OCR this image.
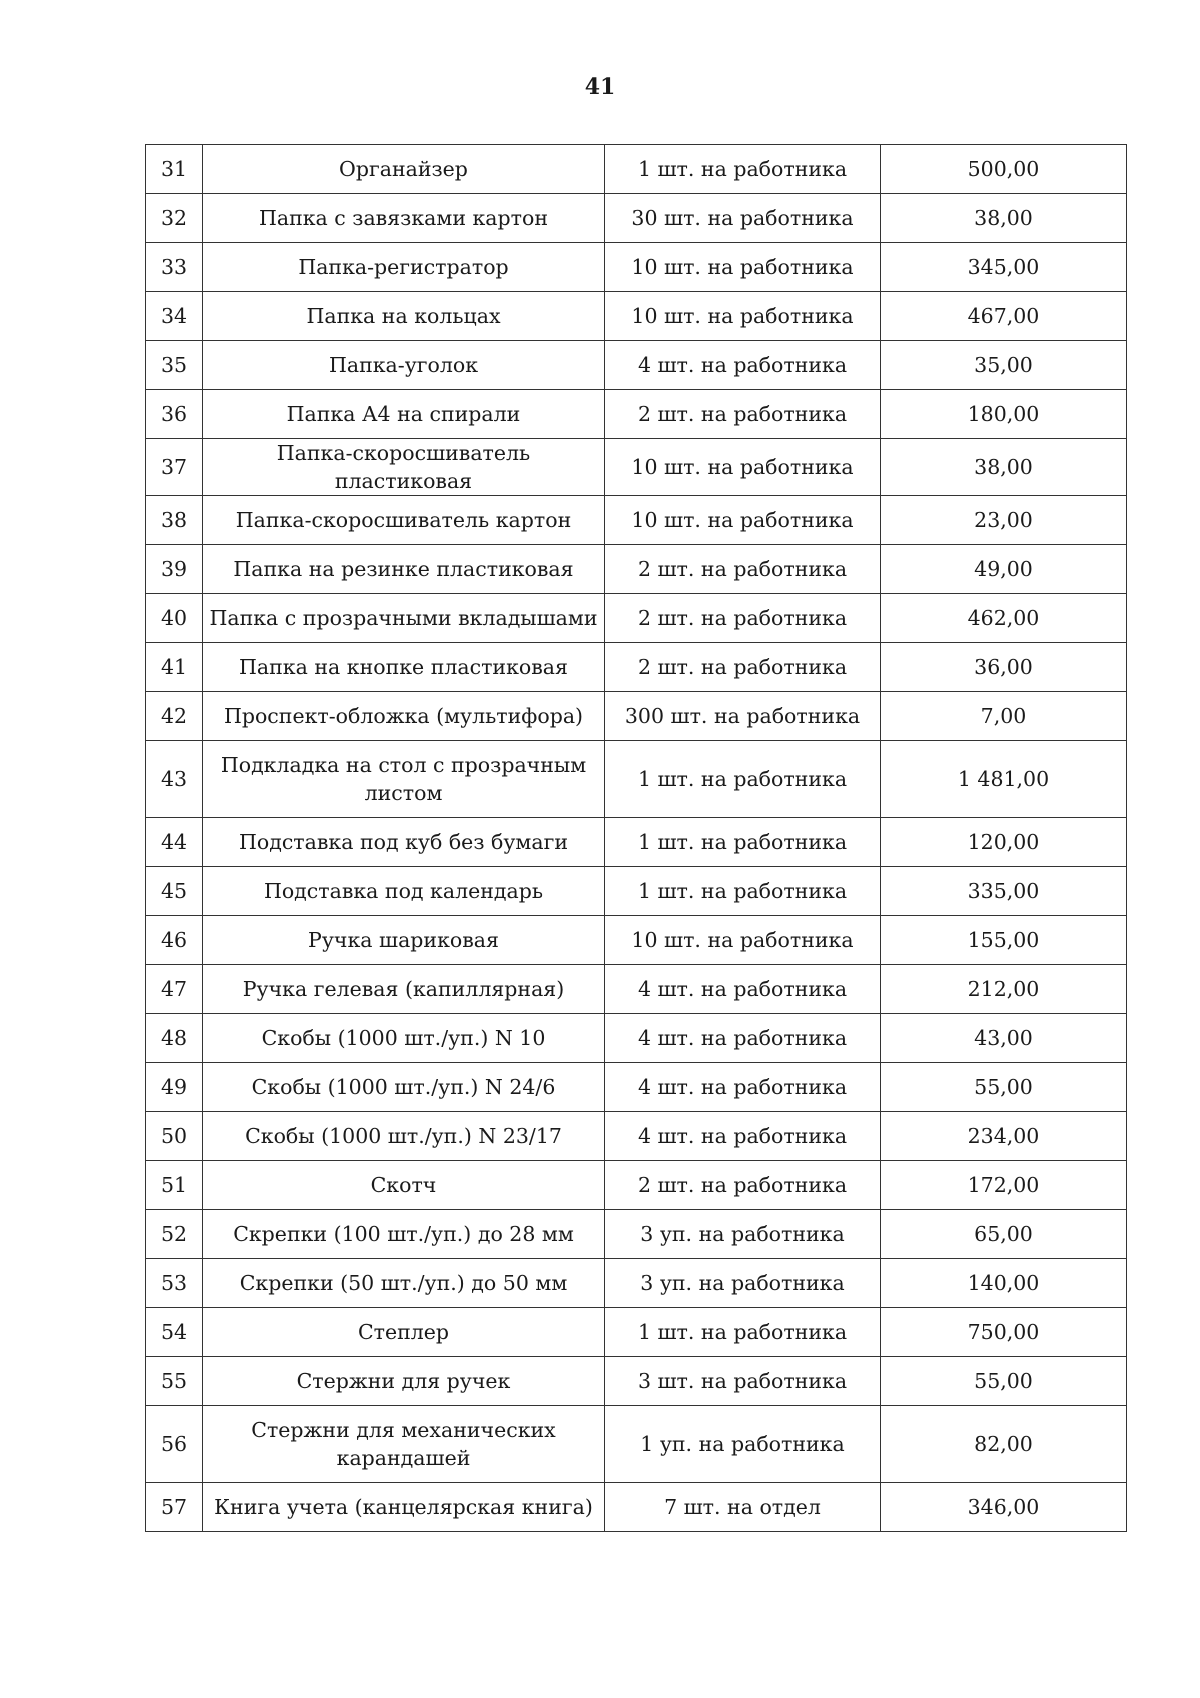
41
31	Органайзер	1 шт. на работника	500,00
32	Папка с завязками картон	30 шт. на работника	38,00
33	Папка-регистратор	10 шт. на работника	345,00
34	Папка на кольцах	10 шт. на работника	467,00
35	Папка-уголок	4 шт. на работника	35,00
36	Папка А4 на спирали	2 шт. на работника	180,00
37	Папка-скоросшиватель пластиковая	10 шт. на работника	38,00
38	Папка-скоросшиватель картон	10 шт. на работника	23,00
39	Папка на резинке пластиковая	2 шт. на работника	49,00
40	Папка с прозрачными вкладышами	2 шт. на работника	462,00
41	Папка на кнопке пластиковая	2 шт. на работника	36,00
42	Проспект-обложка (мультифора)	300 шт. на работника	7,00
43	Подкладка на стол с прозрачным листом	1 шт. на работника	1 481,00
44	Подставка под куб без бумаги	1 шт. на работника	120,00
45	Подставка под календарь	1 шт. на работника	335,00
46	Ручка шариковая	10 шт. на работника	155,00
47	Ручка гелевая (капиллярная)	4 шт. на работника	212,00
48	Скобы (1000 шт./уп.) N 10	4 шт. на работника	43,00
49	Скобы (1000 шт./уп.) N 24/6	4 шт. на работника	55,00
50	Скобы (1000 шт./уп.) N 23/17	4 шт. на работника	234,00
51	Скотч	2 шт. на работника	172,00
52	Скрепки (100 шт./уп.) до 28 мм	3 уп. на работника	65,00
53	Скрепки (50 шт./уп.) до 50 мм	3 уп. на работника	140,00
54	Степлер	1 шт. на работника	750,00
55	Стержни для ручек	3 шт. на работника	55,00
56	Стержни для механических карандашей	1 уп. на работника	82,00
57	Книга учета (канцелярская книга)	7 шт. на отдел	346,00
